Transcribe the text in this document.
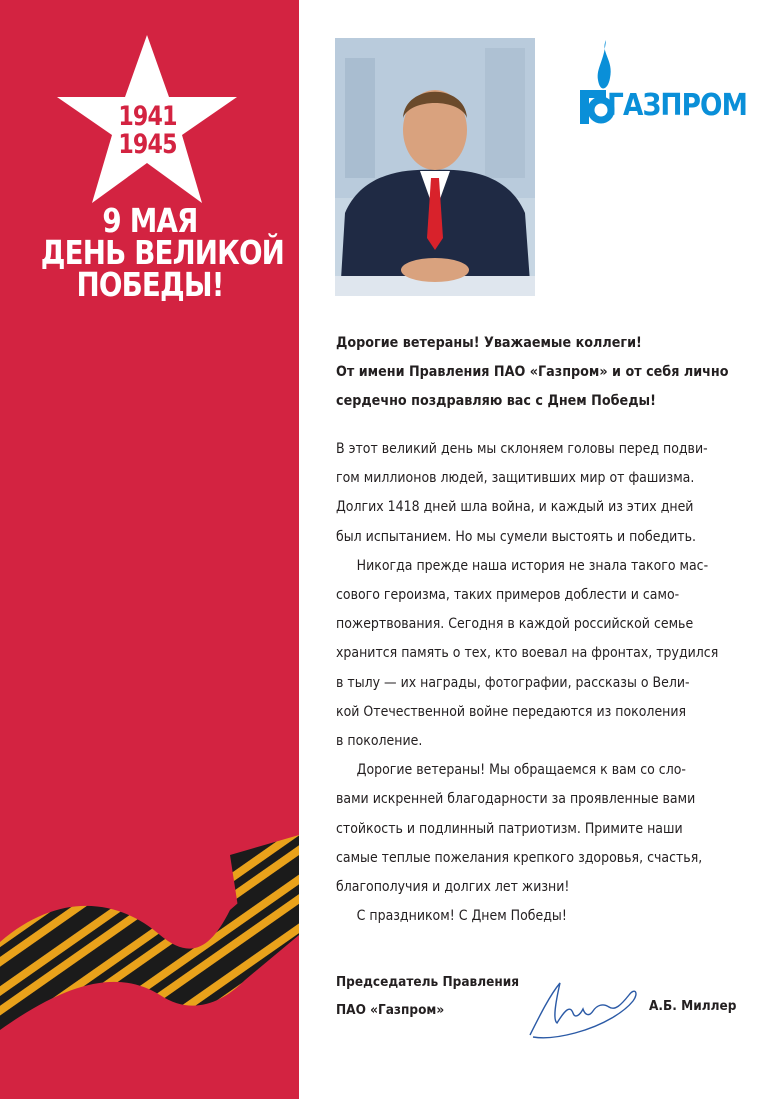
1941
1945
9 МАЯ
ДЕНЬ ВЕЛИКОЙ
ПОБЕДЫ!
ГАЗПРОМ
Дорогие ветераны! Уважаемые коллеги!
От имени Правления ПАО «Газпром» и от себя лично
сердечно поздравляю вас с Днем Победы!
В этот великий день мы склоняем головы перед подви-
гом миллионов людей, защитивших мир от фашизма.
Долгих 1418 дней шла война, и каждый из этих дней
был испытанием. Но мы сумели выстоять и победить.
Никогда прежде наша история не знала такого мас-
сового героизма, таких примеров доблести и само-
пожертвования. Сегодня в каждой российской семье
хранится память о тех, кто воевал на фронтах, трудился
в тылу — их награды, фотографии, рассказы о Вели-
кой Отечественной войне передаются из поколения
в поколение.
Дорогие ветераны! Мы обращаемся к вам со сло-
вами искренней благодарности за проявленные вами
стойкость и подлинный патриотизм. Примите наши
самые теплые пожелания крепкого здоровья, счастья,
благополучия и долгих лет жизни!
С праздником! С Днем Победы!
Председатель Правления
ПАО «Газпром»	А.Б. Миллер
